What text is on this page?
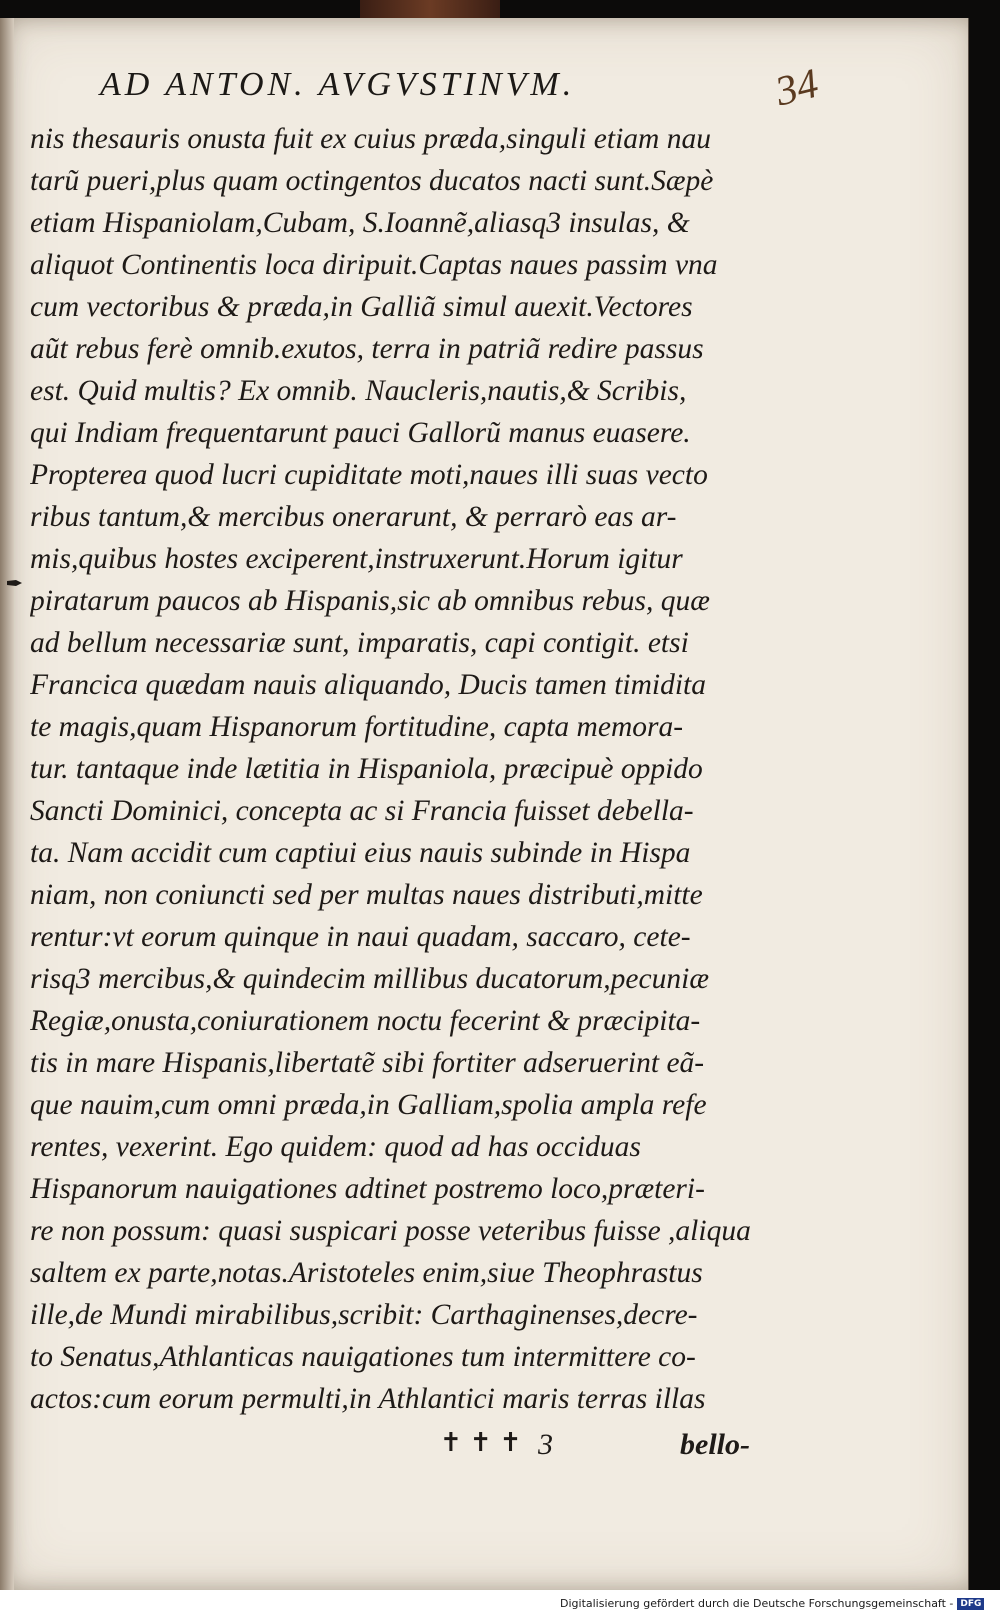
AD ANTON. AVGVSTINVM.	34
nis thesauris onusta fuit ex cuius præda,singuli etiam nau
tarũ pueri,plus quam octingentos ducatos nacti sunt.Sæpè
etiam Hispaniolam,Cubam, S.Ioannẽ,aliasq3 insulas, &
aliquot Continentis loca diripuit.Captas naues passim vna
cum vectoribus & præda,in Galliã simul auexit.Vectores
aũt rebus ferè omnib.exutos, terra in patriã redire passus
est. Quid multis? Ex omnib. Naucleris,nautis,& Scribis,
qui Indiam frequentarunt pauci Gallorũ manus euasere.
Propterea quod lucri cupiditate moti,naues illi suas vecto
ribus tantum,& mercibus onerarunt, & perrarò eas ar-
mis,quibus hostes exciperent,instruxerunt.Horum igitur
piratarum paucos ab Hispanis,sic ab omnibus rebus, quæ
ad bellum necessariæ sunt, imparatis, capi contigit. etsi
Francica quædam nauis aliquando, Ducis tamen timidita
te magis,quam Hispanorum fortitudine, capta memora-
tur. tantaque inde lætitia in Hispaniola, præcipuè oppido
Sancti Dominici, concepta ac si Francia fuisset debella-
ta. Nam accidit cum captiui eius nauis subinde in Hispa
niam, non coniuncti sed per multas naues distributi,mitte
rentur:vt eorum quinque in naui quadam, saccaro, cete-
risq3 mercibus,& quindecim millibus ducatorum,pecuniæ
Regiæ,onusta,coniurationem noctu fecerint & præcipita-
tis in mare Hispanis,libertatẽ sibi fortiter adseruerint eã-
que nauim,cum omni præda,in Galliam,spolia ampla refe
rentes, vexerint. Ego quidem: quod ad has occiduas
Hispanorum nauigationes adtinet postremo loco,præteri-
re non possum: quasi suspicari posse veteribus fuisse ,aliqua
saltem ex parte,notas.Aristoteles enim,siue Theophrastus
ille,de Mundi mirabilibus,scribit: Carthaginenses,decre-
to Senatus,Athlanticas nauigationes tum intermittere co-
actos:cum eorum permulti,in Athlantici maris terras illas
✝✝✝ 3	bello-
Digitalisierung gefördert durch die Deutsche Forschungsgemeinschaft - DFG
